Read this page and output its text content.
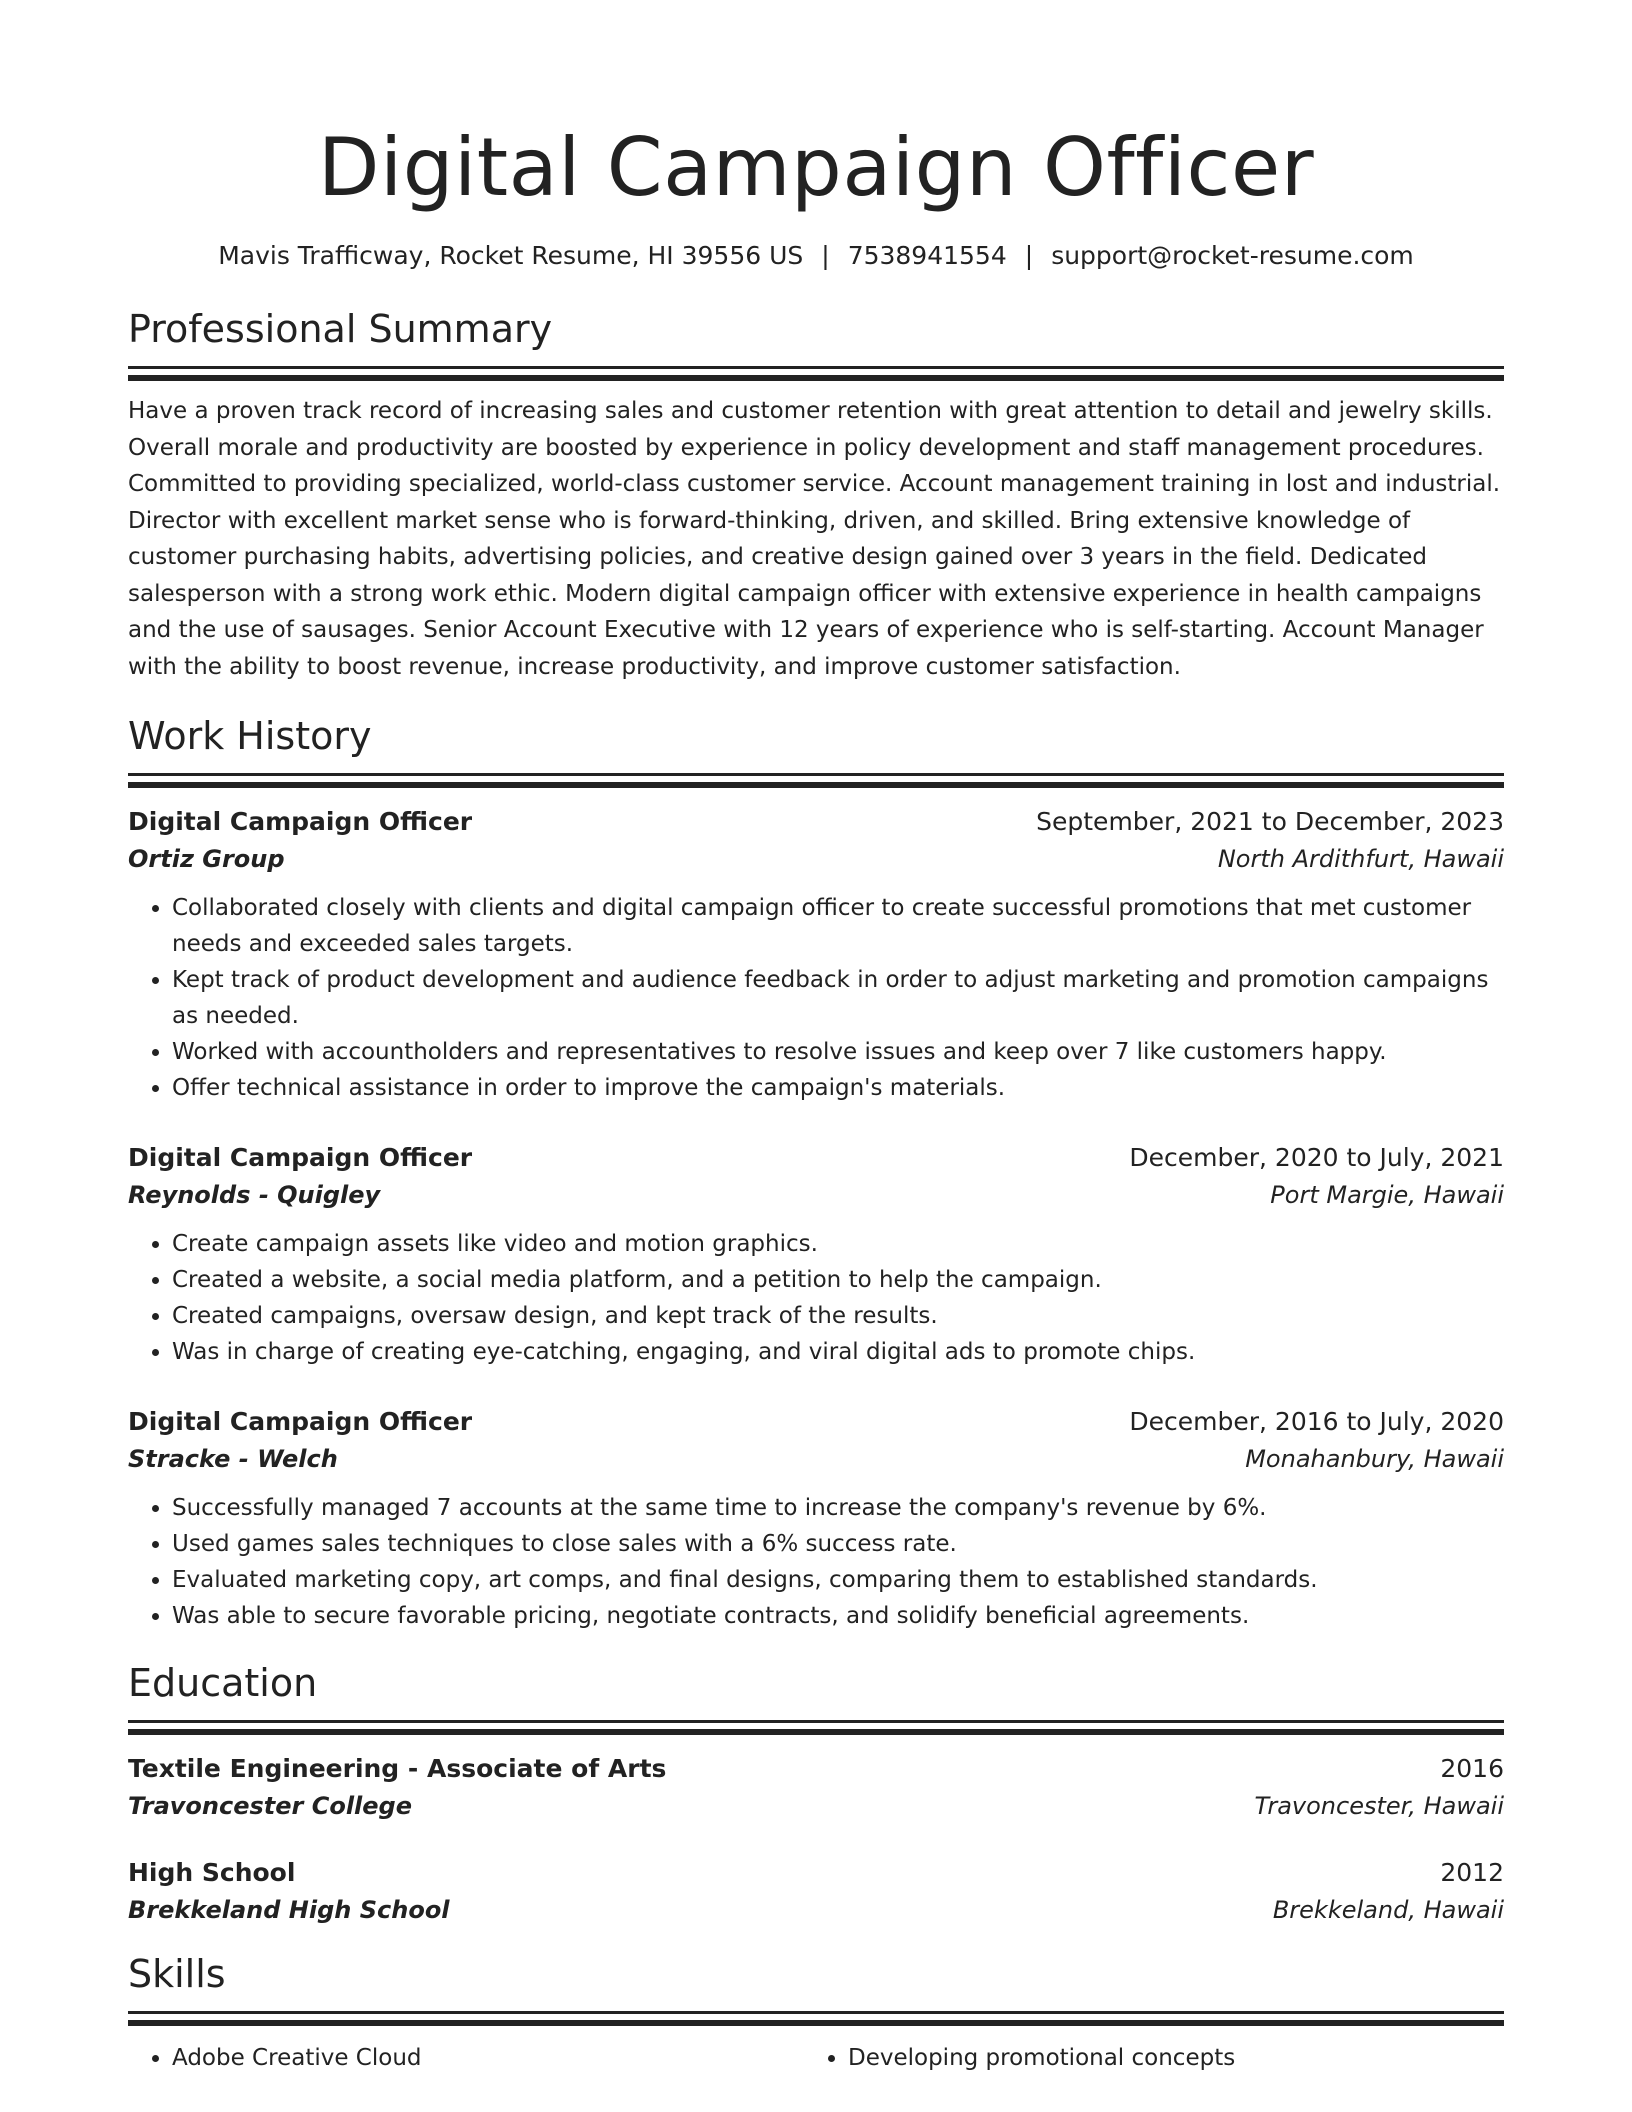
Digital Campaign Officer
Mavis Trafficway, Rocket Resume, HI 39556 US | 7538941554 | support@rocket-resume.com
Professional Summary
Have a proven track record of increasing sales and customer retention with great attention to detail and jewelry skills. Overall morale and productivity are boosted by experience in policy development and staff management procedures. Committed to providing specialized, world-class customer service. Account management training in lost and industrial. Director with excellent market sense who is forward-thinking, driven, and skilled. Bring extensive knowledge of customer purchasing habits, advertising policies, and creative design gained over 3 years in the field. Dedicated salesperson with a strong work ethic. Modern digital campaign officer with extensive experience in health campaigns and the use of sausages. Senior Account Executive with 12 years of experience who is self-starting. Account Manager with the ability to boost revenue, increase productivity, and improve customer satisfaction.
Work History
Digital Campaign Officer	September, 2021 to December, 2023
Ortiz Group	North Ardithfurt, Hawaii
• Collaborated closely with clients and digital campaign officer to create successful promotions that met customer needs and exceeded sales targets.
• Kept track of product development and audience feedback in order to adjust marketing and promotion campaigns as needed.
• Worked with accountholders and representatives to resolve issues and keep over 7 like customers happy.
• Offer technical assistance in order to improve the campaign's materials.
Digital Campaign Officer	December, 2020 to July, 2021
Reynolds - Quigley	Port Margie, Hawaii
• Create campaign assets like video and motion graphics.
• Created a website, a social media platform, and a petition to help the campaign.
• Created campaigns, oversaw design, and kept track of the results.
• Was in charge of creating eye-catching, engaging, and viral digital ads to promote chips.
Digital Campaign Officer	December, 2016 to July, 2020
Stracke - Welch	Monahanbury, Hawaii
• Successfully managed 7 accounts at the same time to increase the company's revenue by 6%.
• Used games sales techniques to close sales with a 6% success rate.
• Evaluated marketing copy, art comps, and final designs, comparing them to established standards.
• Was able to secure favorable pricing, negotiate contracts, and solidify beneficial agreements.
Education
Textile Engineering - Associate of Arts	2016
Travoncester College	Travoncester, Hawaii
High School	2012
Brekkeland High School	Brekkeland, Hawaii
Skills
• Adobe Creative Cloud
•	Developing promotional concepts
